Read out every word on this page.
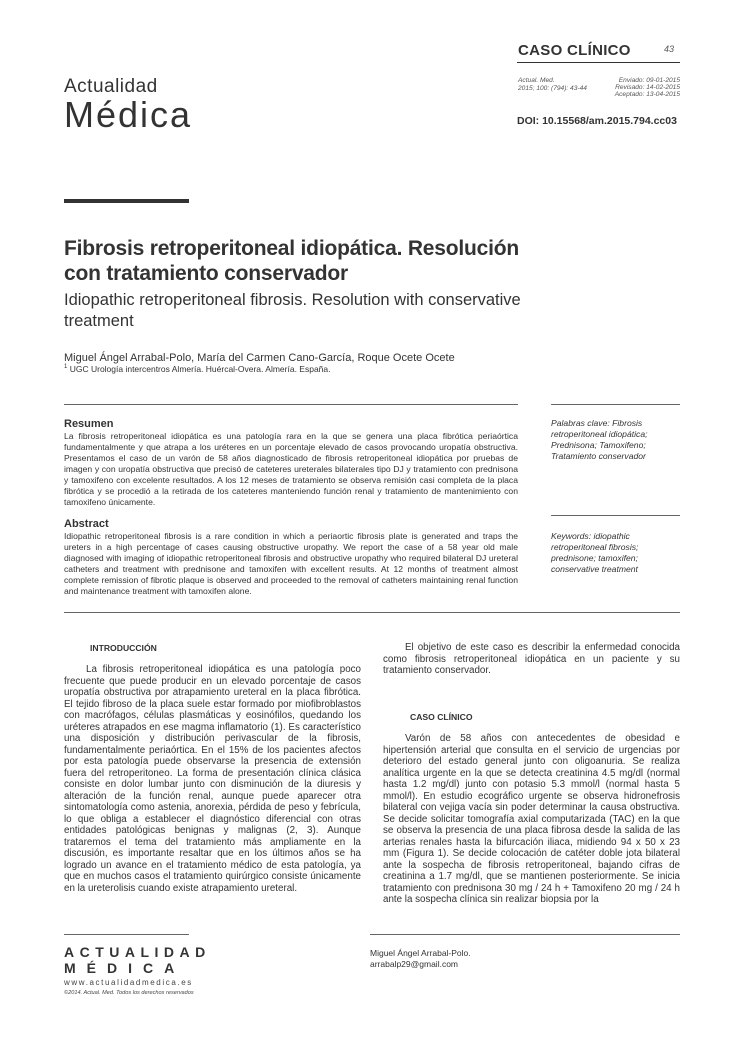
Actualidad
Médica
CASO CLÍNICO	43
Actual. Med.
2015; 100: (794): 43-44
Enviado: 09-01-2015
Revisado: 14-02-2015
Aceptado: 13-04-2015
DOI: 10.15568/am.2015.794.cc03
Fibrosis retroperitoneal idiopática. Resolución con tratamiento conservador
Idiopathic retroperitoneal fibrosis. Resolution with conservative treatment
Miguel Ángel Arrabal-Polo, María del Carmen Cano-García, Roque Ocete Ocete
$^1$ UGC Urología intercentros Almería. Huércal-Overa. Almería. España.
Resumen
La fibrosis retroperitoneal idiopática es una patología rara en la que se genera una placa fibrótica periaórtica fundamentalmente y que atrapa a los uréteres en un porcentaje elevado de casos provocando uropatía obstructiva. Presentamos el caso de un varón de 58 años diagnosticado de fibrosis retroperitoneal idiopática por pruebas de imagen y con uropatía obstructiva que precisó de cateteres ureterales bilaterales tipo DJ y tratamiento con prednisona y tamoxifeno con excelente resultados. A los 12 meses de tratamiento se observa remisión casi completa de la placa fibrótica y se procedió a la retirada de los cateteres manteniendo función renal y tratamiento de mantenimiento con tamoxifeno únicamente.
Palabras clave: Fibrosis retroperitoneal idiopática; Prednisona; Tamoxifeno; Tratamiento conservador
Abstract
Idiopathic retroperitoneal fibrosis is a rare condition in which a periaortic fibrosis plate is generated and traps the ureters in a high percentage of cases causing obstructive uropathy. We report the case of a 58 year old male diagnosed with imaging of idiopathic retroperitoneal fibrosis and obstructive uropathy who required bilateral DJ ureteral catheters and treatment with prednisone and tamoxifen with excellent results. At 12 months of treatment almost complete remission of fibrotic plaque is observed and proceeded to the removal of catheters maintaining renal function and maintenance treatment with tamoxifen alone.
Keywords: idiopathic retroperitoneal fibrosis; prednisone; tamoxifen; conservative treatment
INTRODUCCIÓN

La fibrosis retroperitoneal idiopática es una patología poco frecuente que puede producir en un elevado porcentaje de casos uropatía obstructiva por atrapamiento ureteral en la placa fibrótica. El tejido fibroso de la placa suele estar formado por miofibroblastos con macrófagos, células plasmáticas y eosinófilos, quedando los uréteres atrapados en ese magma inflamatorio (1). Es característico una disposición y distribución perivascular de la fibrosis, fundamentalmente periaórtica. En el 15% de los pacientes afectos por esta patología puede observarse la presencia de extensión fuera del retroperitoneo. La forma de presentación clínica clásica consiste en dolor lumbar junto con disminución de la diuresis y alteración de la función renal, aunque puede aparecer otra sintomatología como astenia, anorexia, pérdida de peso y febrícula, lo que obliga a establecer el diagnóstico diferencial con otras entidades patológicas benignas y malignas (2, 3). Aunque trataremos el tema del tratamiento más ampliamente en la discusión, es importante resaltar que en los últimos años se ha logrado un avance en el tratamiento médico de esta patología, ya que en muchos casos el tratamiento quirúrgico consiste únicamente en la ureterolisis cuando existe atrapamiento ureteral.

El objetivo de este caso es describir la enfermedad conocida como fibrosis retroperitoneal idiopática en un paciente y su tratamiento conservador.

CASO CLÍNICO

Varón de 58 años con antecedentes de obesidad e hipertensión arterial que consulta en el servicio de urgencias por deterioro del estado general junto con oligoanuria. Se realiza analítica urgente en la que se detecta creatinina 4.5 mg/dl (normal hasta 1.2 mg/dl) junto con potasio 5.3 mmol/l (normal hasta 5 mmol/l). En estudio ecográfico urgente se observa hidronefrosis bilateral con vejiga vacía sin poder determinar la causa obstructiva. Se decide solicitar tomografía axial computarizada (TAC) en la que se observa la presencia de una placa fibrosa desde la salida de las arterias renales hasta la bifurcación iliaca, midiendo 94 x 50 x 23 mm (Figura 1). Se decide colocación de catéter doble jota bilateral ante la sospecha de fibrosis retroperitoneal, bajando cifras de creatinina a 1.7 mg/dl, que se mantienen posteriormente. Se inicia tratamiento con prednisona 30 mg / 24 h + Tamoxifeno 20 mg / 24 h ante la sospecha clínica sin realizar biopsia por la

ACTUALIDAD
MÉDICA
www.actualidadmedica.es
©2014. Actual. Med. Todos los derechos reservados
Miguel Ángel Arrabal-Polo.
arrabalp29@gmail.com
